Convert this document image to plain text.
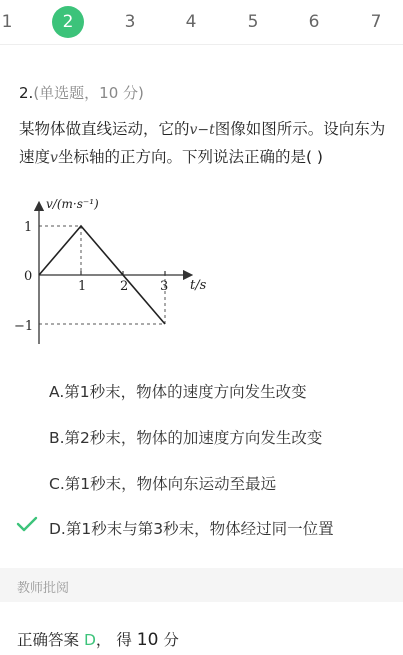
1	2	3	4	5	6	7
2.(单选题，10 分)
某物体做直线运动，它的v−t图像如图所示。设向东为速度v坐标轴的正方向。下列说法正确的是( )
v/(m·s⁻¹)
t/s
1
0
−1
1	2 3
A.第1秒末，物体的速度方向发生改变
B.第2秒末，物体的加速度方向发生改变
C.第1秒末，物体向东运动至最远
D.第1秒末与第3秒末，物体经过同一位置
教师批阅
正确答案 D， 得 10 分
